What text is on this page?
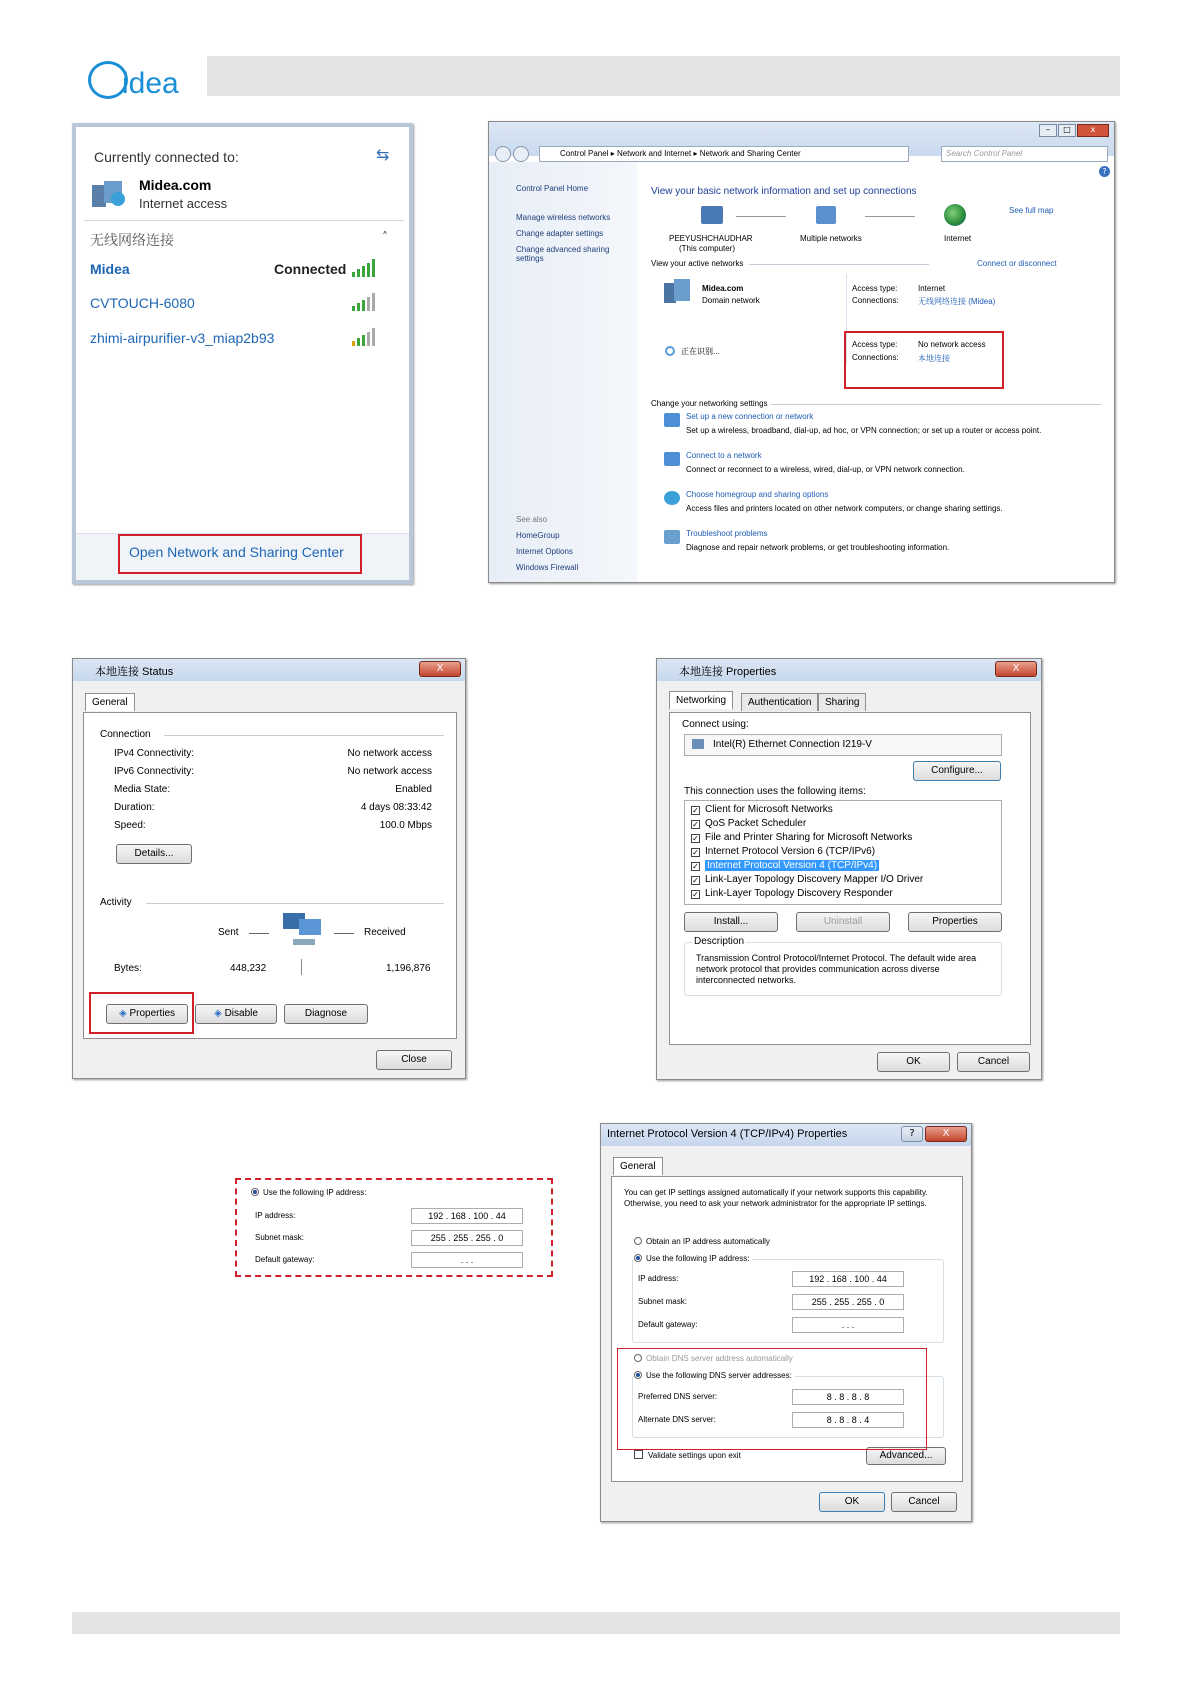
idea
Currently connected to:	⇆
Midea.com
Internet access
无线网络连接	˄
Midea	Connected
CVTOUCH-6080
zhimi-airpurifier-v3_miap2b93
Open Network and Sharing Center
–	□	x
Control Panel ▸ Network and Internet ▸ Network and Sharing Center	Search Control Panel
?
Control Panel Home
Manage wireless networks
Change adapter settings
Change advanced sharing settings
See also
HomeGroup
Internet Options
Windows Firewall
View your basic network information and set up connections
See full map
PEEYUSHCHAUDHAR
(This computer)
Multiple networks	Internet
View your active networks	Connect or disconnect
Midea.com
Domain network
Access type:	Internet
Connections: 无线网络连接 (Midea)
正在识别...
Access type:	No network access
Connections: 本地连接
Change your networking settings
Set up a new connection or network
Set up a wireless, broadband, dial-up, ad hoc, or VPN connection; or set up a router or access point.
Connect to a network
Connect or reconnect to a wireless, wired, dial-up, or VPN network connection.
Choose homegroup and sharing options
Access files and printers located on other network computers, or change sharing settings.
Troubleshoot problems
Diagnose and repair network problems, or get troubleshooting information.
本地连接 Status	X
General
Connection
IPv4 Connectivity:	No network access
IPv6 Connectivity:	No network access
Media State:	Enabled
Duration:	4 days 08:33:42
Speed:	100.0 Mbps
Details...
Activity
Sent	Received
Bytes:	448,232	1,196,876
◈ Properties	◈ Disable	Diagnose
Close
本地连接 Properties	X
Networking	Authentication	Sharing
Connect using:
Intel(R) Ethernet Connection I219-V
Configure...
This connection uses the following items:
✓ Client for Microsoft Networks
✓ QoS Packet Scheduler
✓ File and Printer Sharing for Microsoft Networks
✓ Internet Protocol Version 6 (TCP/IPv6)
✓ Internet Protocol Version 4 (TCP/IPv4)
✓ Link-Layer Topology Discovery Mapper I/O Driver
✓ Link-Layer Topology Discovery Responder
Install...	Uninstall	Properties
Description
Transmission Control Protocol/Internet Protocol. The default wide area network protocol that provides communication across diverse interconnected networks.
OK	Cancel
Use the following IP address:
IP address:	192 . 168 . 100 . 44
Subnet mask:	255 . 255 . 255 . 0
Default gateway:	. . .
Internet Protocol Version 4 (TCP/IPv4) Properties	?	X
General
You can get IP settings assigned automatically if your network supports this capability. Otherwise, you need to ask your network administrator for the appropriate IP settings.
Obtain an IP address automatically
Use the following IP address:
IP address:	192 . 168 . 100 . 44
Subnet mask:	255 . 255 . 255 . 0
Default gateway:	. . .
Obtain DNS server address automatically
Use the following DNS server addresses:
Preferred DNS server:	8 . 8 . 8 . 8
Alternate DNS server:	8 . 8 . 8 . 4
Validate settings upon exit	Advanced...
OK	Cancel
